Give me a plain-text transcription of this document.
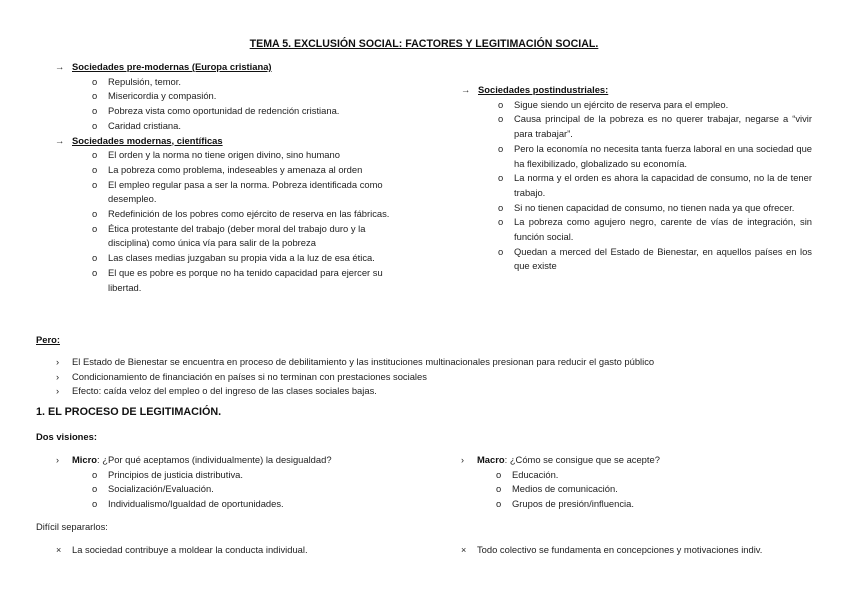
TEMA 5. EXCLUSIÓN SOCIAL: FACTORES Y LEGITIMACIÓN SOCIAL.
→ Sociedades pre-modernas (Europa cristiana)
o Repulsión, temor.
o Misericordia y compasión.
o Pobreza vista como oportunidad de redención cristiana.
o Caridad cristiana.
→ Sociedades modernas, científicas
o El orden y la norma no tiene origen divino, sino humano
o La pobreza como problema, indeseables y amenaza al orden
o El empleo regular pasa a ser la norma. Pobreza identificada como desempleo.
o Redefinición de los pobres como ejército de reserva en las fábricas.
o Ética protestante del trabajo (deber moral del trabajo duro y la disciplina) como única vía para salir de la pobreza
o Las clases medias juzgaban su propia vida a la luz de esa ética.
o El que es pobre es porque no ha tenido capacidad para ejercer su libertad.
→ Sociedades postindustriales:
o Sigue siendo un ejército de reserva para el empleo.
o Causa principal de la pobreza es no querer trabajar, negarse a “vivir para trabajar”.
o Pero la economía no necesita tanta fuerza laboral en una sociedad que ha flexibilizado, globalizado su economía.
o La norma y el orden es ahora la capacidad de consumo, no la de tener trabajo.
o Si no tienen capacidad de consumo, no tienen nada ya que ofrecer.
o La pobreza como agujero negro, carente de vías de integración, sin función social.
o Quedan a merced del Estado de Bienestar, en aquellos países en los que existe
Pero:
› El Estado de Bienestar se encuentra en proceso de debilitamiento y las instituciones multinacionales presionan para reducir el gasto público
› Condicionamiento de financiación en países si no terminan con prestaciones sociales
› Efecto: caída veloz del empleo o del ingreso de las clases sociales bajas.
1. EL PROCESO DE LEGITIMACIÓN.
Dos visiones:
› Micro: ¿Por qué aceptamos (individualmente) la desigualdad?
o Principios de justicia distributiva.
o Socialización/Evaluación.
o Individualismo/Igualdad de oportunidades.
› Macro: ¿Cómo se consigue que se acepte?
o Educación.
o Medios de comunicación.
o Grupos de presión/influencia.
Difícil separarlos:
× La sociedad contribuye a moldear la conducta individual.	× Todo colectivo se fundamenta en concepciones y motivaciones indiv.
